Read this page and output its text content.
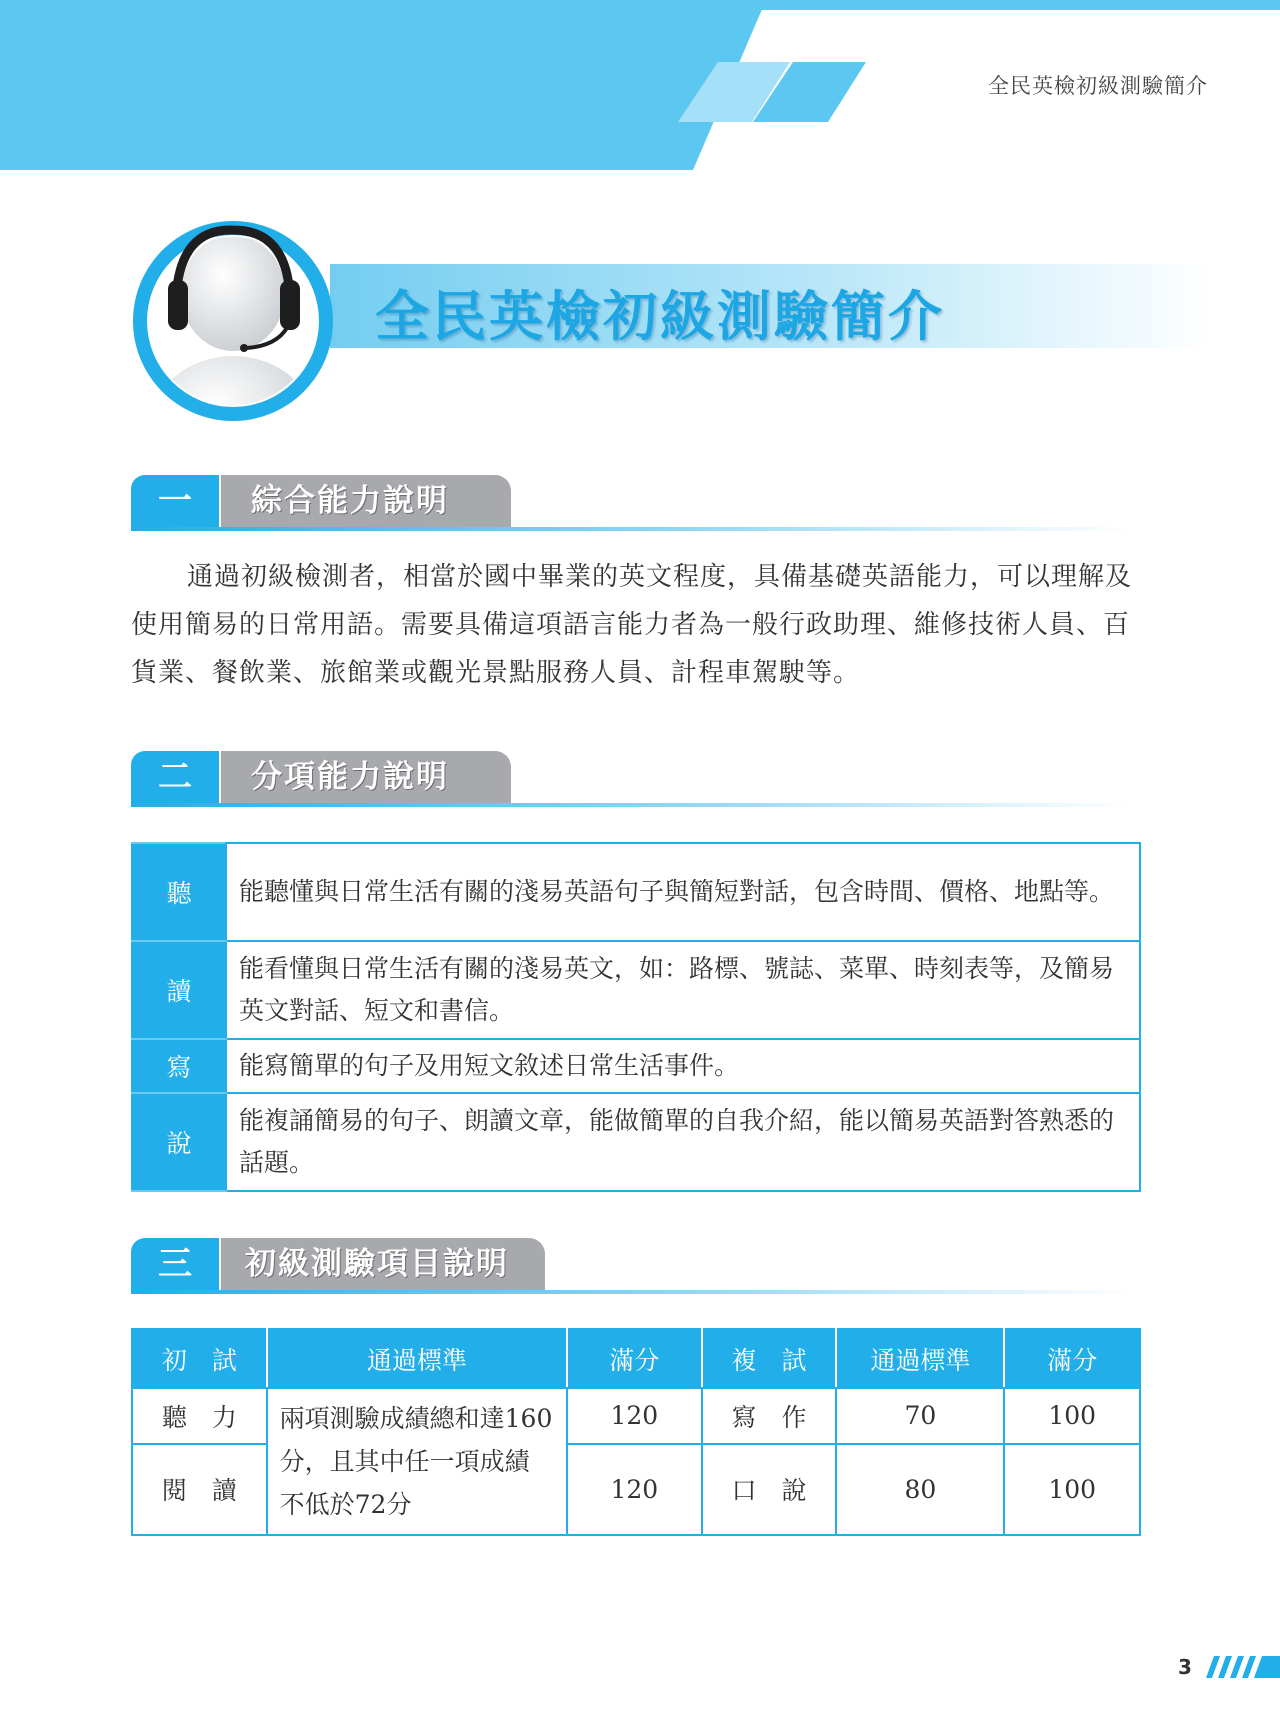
全民英檢初級測驗簡介
全民英檢初級測驗簡介
一	綜合能力說明

通過初級檢測者，相當於國中畢業的英文程度，具備基礎英語能力，可以理解及使用簡易的日常用語。需要具備這項語言能力者為一般行政助理、維修技術人員、百貨業、餐飲業、旅館業或觀光景點服務人員、計程車駕駛等。

二	分項能力說明
聽	能聽懂與日常生活有關的淺易英語句子與簡短對話，包含時間、價格、地點等。
讀	能看懂與日常生活有關的淺易英文，如：路標、號誌、菜單、時刻表等，及簡易英文對話、短文和書信。
寫	能寫簡單的句子及用短文敘述日常生活事件。
說	能複誦簡易的句子、朗讀文章，能做簡單的自我介紹，能以簡易英語對答熟悉的話題。
三	初級測驗項目說明
初　試	通過標準	滿分	複　試	通過標準	滿分
聽　力	兩項測驗成績總和達160分，且其中任一項成績不低於72分	120	寫　作	70	100
閱　讀		120	口　說	80	100
3
